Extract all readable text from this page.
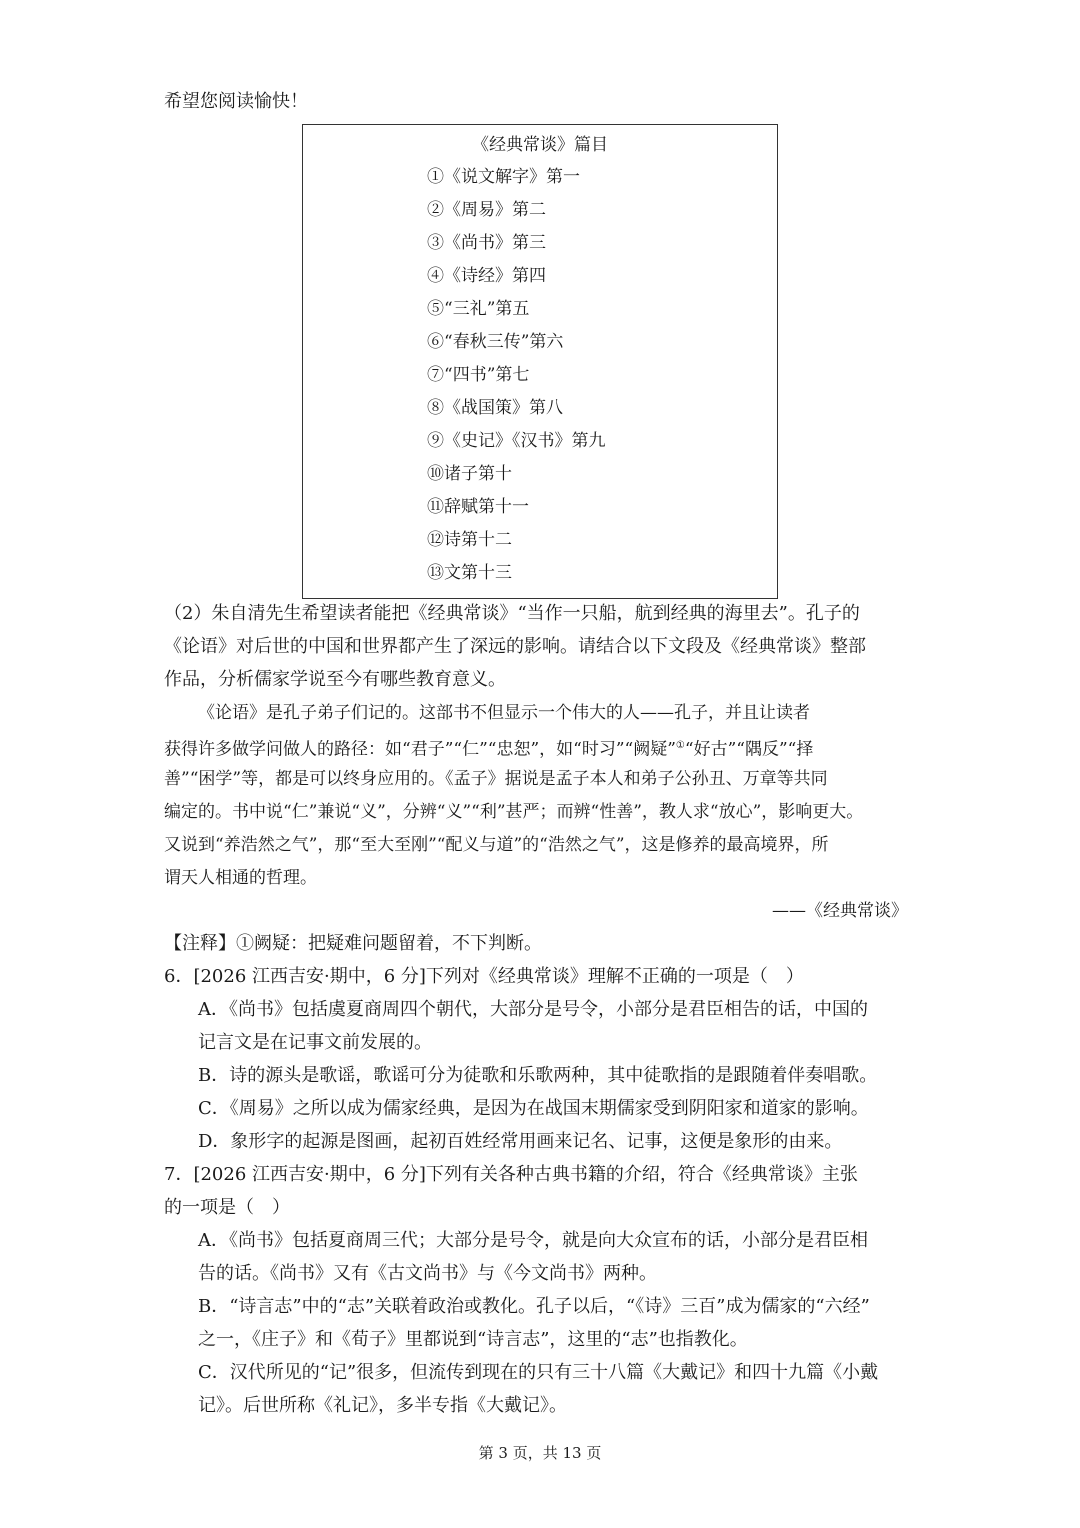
希望您阅读愉快！
《经典常谈》篇目
①《说文解字》第一
②《周易》第二
③《尚书》第三
④《诗经》第四
⑤“三礼”第五
⑥“春秋三传”第六
⑦“四书”第七
⑧《战国策》第八
⑨《史记》《汉书》第九
⑩诸子第十
⑪辞赋第十一
⑫诗第十二
⑬文第十三
（2）朱自清先生希望读者能把《经典常谈》“当作一只船，航到经典的海里去”。孔子的
《论语》对后世的中国和世界都产生了深远的影响。请结合以下文段及《经典常谈》整部
作品，分析儒家学说至今有哪些教育意义。
《论语》是孔子弟子们记的。这部书不但显示一个伟大的人——孔子，并且让读者
获得许多做学问做人的路径：如“君子”“仁”“忠恕”，如“时习”“阙疑”①“好古”“隅反”“择
善”“困学”等，都是可以终身应用的。《孟子》据说是孟子本人和弟子公孙丑、万章等共同
编定的。书中说“仁”兼说“义”，分辨“义”“利”甚严；而辨“性善”，教人求“放心”，影响更大。
又说到“养浩然之气”，那“至大至刚”“配义与道”的“浩然之气”，这是修养的最高境界，所
谓天人相通的哲理。
——《经典常谈》
【注释】①阙疑：把疑难问题留着，不下判断。
6．[2026 江西吉安·期中，6 分]下列对《经典常谈》理解不正确的一项是（　）
A．《尚书》包括虞夏商周四个朝代，大部分是号令，小部分是君臣相告的话，中国的
记言文是在记事文前发展的。
B．诗的源头是歌谣，歌谣可分为徒歌和乐歌两种，其中徒歌指的是跟随着伴奏唱歌。
C．《周易》之所以成为儒家经典，是因为在战国末期儒家受到阴阳家和道家的影响。
D．象形字的起源是图画，起初百姓经常用画来记名、记事，这便是象形的由来。
7．[2026 江西吉安·期中，6 分]下列有关各种古典书籍的介绍，符合《经典常谈》主张
的一项是（　）
A．《尚书》包括夏商周三代；大部分是号令，就是向大众宣布的话，小部分是君臣相
告的话。《尚书》又有《古文尚书》与《今文尚书》两种。
B．“诗言志”中的“志”关联着政治或教化。孔子以后，“《诗》三百”成为儒家的“六经”
之一，《庄子》和《荀子》里都说到“诗言志”，这里的“志”也指教化。
C．汉代所见的“记”很多，但流传到现在的只有三十八篇《大戴记》和四十九篇《小戴
记》。后世所称《礼记》，多半专指《大戴记》。
第 3 页，共 13 页
